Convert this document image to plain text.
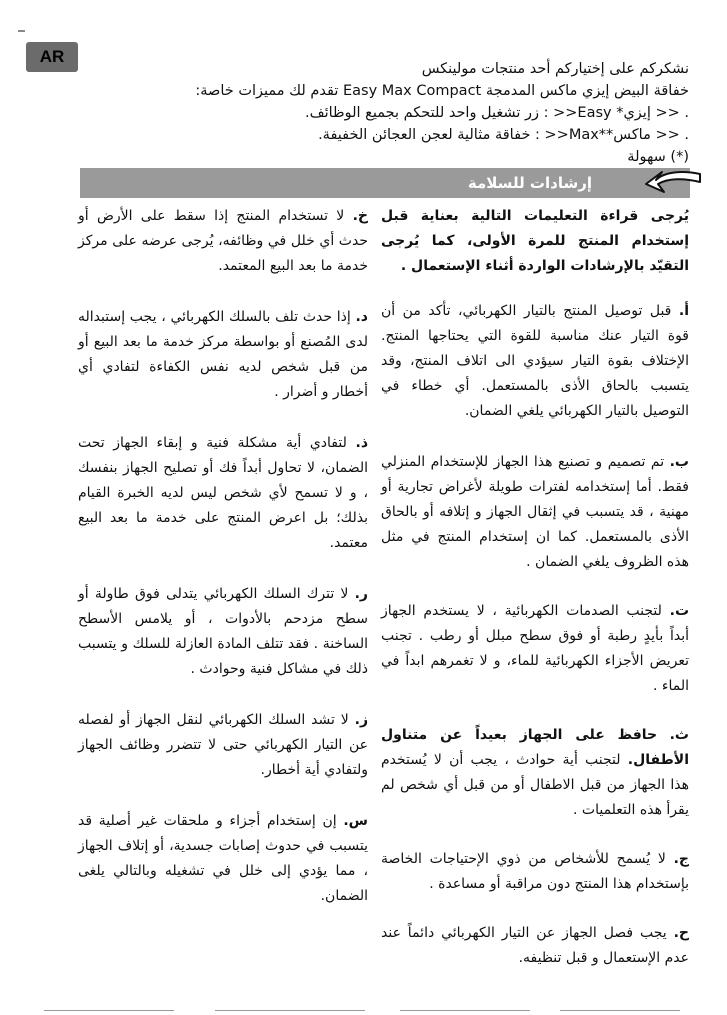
AR

نشكركم على إختياركم أحد منتجات مولينكس

خفاقة البيض إيزي ماكس المدمجة Easy Max Compact تقدم لك مميزات خاصة:

. << إيزي* Easy<< : زر تشغيل واحد للتحكم بجميع الوظائف.

. << ماكس**Max<< : خفاقة مثالية لعجن العجائن الخفيفة.

(*) سهولة

إرشادات للسلامة

يُرجى قراءة التعليمات التالية بعناية قبل إستخدام المنتج للمرة الأولى، كما يُرجى التقيّد بالإرشادات الواردة أثناء الإستعمال .

أ. قبل توصيل المنتج بالتيار الكهربائي، تأكد من أن قوة التيار عنك مناسبة للقوة التي يحتاجها المنتج. الإختلاف بقوة التيار سيؤدي الى اتلاف المنتج، وقد يتسبب بالحاق الأذى بالمستعمل. أي خطاء في التوصيل بالتيار الكهربائي يلغي الضمان.

ب. تم تصميم و تصنيع هذا الجهاز للإستخدام المنزلي فقط. أما إستخدامه لفترات طويلة لأغراض تجارية أو مهنية ، قد يتسبب في إثقال الجهاز و إتلافه أو بالحاق الأذى بالمستعمل. كما ان إستخدام المنتج في مثل هذه الظروف يلغي الضمان .

ت. لتجنب الصدمات الكهربائية ، لا يستخدم الجهاز أبداً بأيدٍ رطبة أو فوق سطح مبلل أو رطب . تجنب تعريض الأجزاء الكهربائية للماء، و لا تغمرهم ابداً في الماء .

ث. حافظ على الجهاز بعيداً عن متناول الأطفال. لتجنب أية حوادث ، يجب أن لا يُستخدم هذا الجهاز من قبل الاطفال أو من قبل أي شخص لم يقرأ هذه التعلميات .

ج. لا يُسمح للأشخاص من ذوي الإحتياجات الخاصة بإستخدام هذا المنتج دون مراقبة أو مساعدة .

ح. يجب فصل الجهاز عن التيار الكهربائي دائماً عند عدم الإستعمال و قبل تنظيفه.

خ. لا تستخدام المنتج إذا سقط على الأرض أو حدث أي خلل في وظائفه، يُرجى عرضه على مركز خدمة ما بعد البيع المعتمد.

د. إذا حدث تلف بالسلك الكهربائي ، يجب إستبداله لدى المُصنع أو بواسطة مركز خدمة ما بعد البيع أو من قبل شخص لديه نفس الكفاءة لتفادي أي أخطار و أضرار .

ذ. لتفادي أية مشكلة فنية و إبقاء الجهاز تحت الضمان، لا تحاول أبداً فك أو تصليح الجهاز بنفسك ، و لا تسمح لأي شخص ليس لديه الخبرة القيام بذلك؛ بل اعرض المنتج على خدمة ما بعد البيع معتمد.

ر. لا تترك السلك الكهربائي يتدلى فوق طاولة أو سطح مزدحم بالأدوات ، أو يلامس الأسطح الساخنة . فقد تتلف المادة العازلة للسلك و يتسبب ذلك في مشاكل فنية وحوادث .

ز. لا تشد السلك الكهربائي لنقل الجهاز أو لفصله عن التيار الكهربائي حتى لا تتضرر وظائف الجهاز ولتفادي أية أخطار.

س. إن إستخدام أجزاء و ملحقات غير أصلية قد يتسبب في حدوث إصابات جسدية، أو إتلاف الجهاز ، مما يؤدي إلى خلل في تشغيله وبالتالي يلغى الضمان.
